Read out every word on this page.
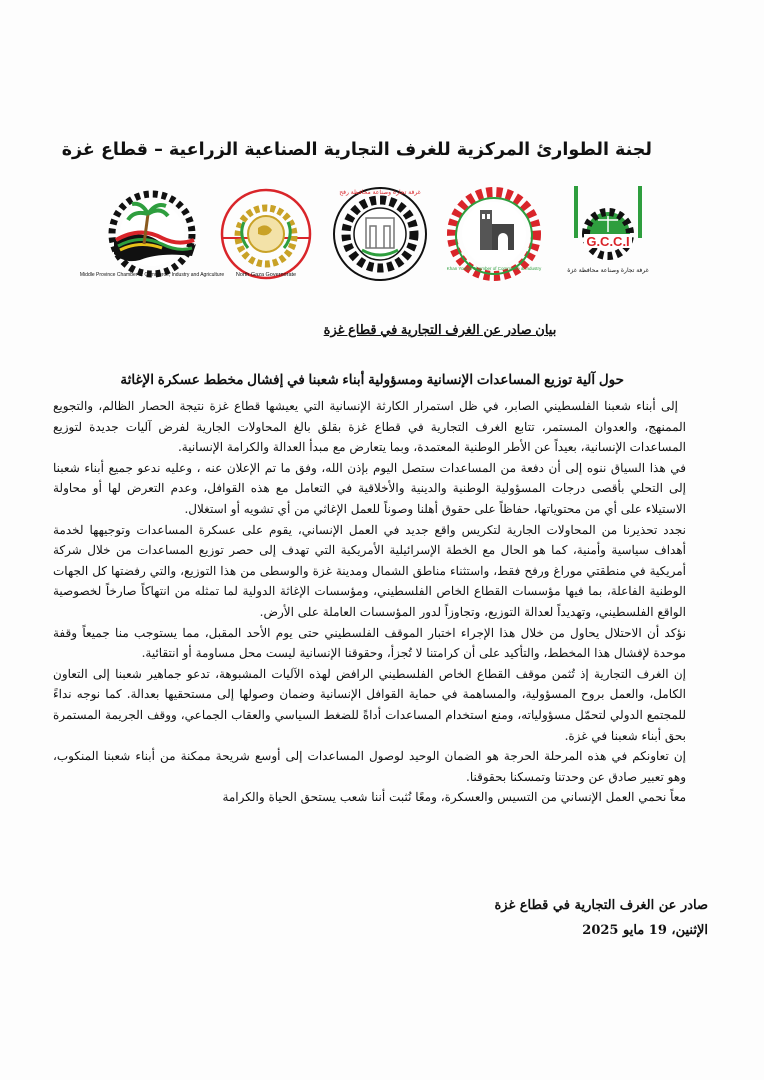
لجنة الطوارئ المركزية للغرف التجارية الصناعية الزراعية – قطاع غزة
Middle Province Chamber of Commerce, Industry and Agriculture North Gaza Governorate
غرفة تجارة وصناعة محافظة رفح
Khan Younis Chamber of Commerce & Industry
G.C.C.I
غرفة تجارة وصناعة محافظة غزة
بيان صادر عن الغرف التجارية في قطاع غزة
حول آلية توزيع المساعدات الإنسانية ومسؤولية أبناء شعبنا في إفشال مخطط عسكرة الإغاثة

إلى أبناء شعبنا الفلسطيني الصابر، في ظل استمرار الكارثة الإنسانية التي يعيشها قطاع غزة نتيجة الحصار الظالم، والتجويع الممنهج، والعدوان المستمر، تتابع الغرف التجارية في قطاع غزة بقلق بالغ المحاولات الجارية لفرض آليات جديدة لتوزيع المساعدات الإنسانية، بعيداً عن الأطر الوطنية المعتمدة، وبما يتعارض مع مبدأ العدالة والكرامة الإنسانية.

في هذا السياق ننوه إلى أن دفعة من المساعدات ستصل اليوم بإذن الله، وفق ما تم الإعلان عنه ، وعليه ندعو جميع أبناء شعبنا إلى التحلي بأقصى درجات المسؤولية الوطنية والدينية والأخلاقية في التعامل مع هذه القوافل، وعدم التعرض لها أو محاولة الاستيلاء على أي من محتوياتها، حفاظاً على حقوق أهلنا وصوناً للعمل الإغاثي من أي تشويه أو استغلال.

نجدد تحذيرنا من المحاولات الجارية لتكريس واقع جديد في العمل الإنساني، يقوم على عسكرة المساعدات وتوجيهها لخدمة أهداف سياسية وأمنية، كما هو الحال مع الخطة الإسرائيلية الأمريكية التي تهدف إلى حصر توزيع المساعدات من خلال شركة أمريكية في منطقتي موراغ ورفح فقط، واستثناء مناطق الشمال ومدينة غزة والوسطى من هذا التوزيع، والتي رفضتها كل الجهات الوطنية الفاعلة، بما فيها مؤسسات القطاع الخاص الفلسطيني، ومؤسسات الإغاثة الدولية لما تمثله من انتهاكاً صارخاً لخصوصية الواقع الفلسطيني، وتهديداً لعدالة التوزيع، وتجاوزاً لدور المؤسسات العاملة على الأرض.

نؤكد أن الاحتلال يحاول من خلال هذا الإجراء اختبار الموقف الفلسطيني حتى يوم الأحد المقبل، مما يستوجب منا جميعاً وقفة موحدة لإفشال هذا المخطط، والتأكيد على أن كرامتنا لا تُجزأ، وحقوقنا الإنسانية ليست محل مساومة أو انتقائية.

إن الغرف التجارية إذ تُثمن موقف القطاع الخاص الفلسطيني الرافض لهذه الآليات المشبوهة، تدعو جماهير شعبنا إلى التعاون الكامل، والعمل بروح المسؤولية، والمساهمة في حماية القوافل الإنسانية وضمان وصولها إلى مستحقيها بعدالة. كما نوجه نداءً للمجتمع الدولي لتحمّل مسؤولياته، ومنع استخدام المساعدات أداةً للضغط السياسي والعقاب الجماعي، ووقف الجريمة المستمرة بحق أبناء شعبنا في غزة.

إن تعاونكم في هذه المرحلة الحرجة هو الضمان الوحيد لوصول المساعدات إلى أوسع شريحة ممكنة من أبناء شعبنا المنكوب، وهو تعبير صادق عن وحدتنا وتمسكنا بحقوقنا.

معاً نحمي العمل الإنساني من التسيس والعسكرة، ومعًا نُثبت أننا شعب يستحق الحياة والكرامة

صادر عن الغرف التجارية في قطاع غزة
الإثنين، 19 مايو 2025
